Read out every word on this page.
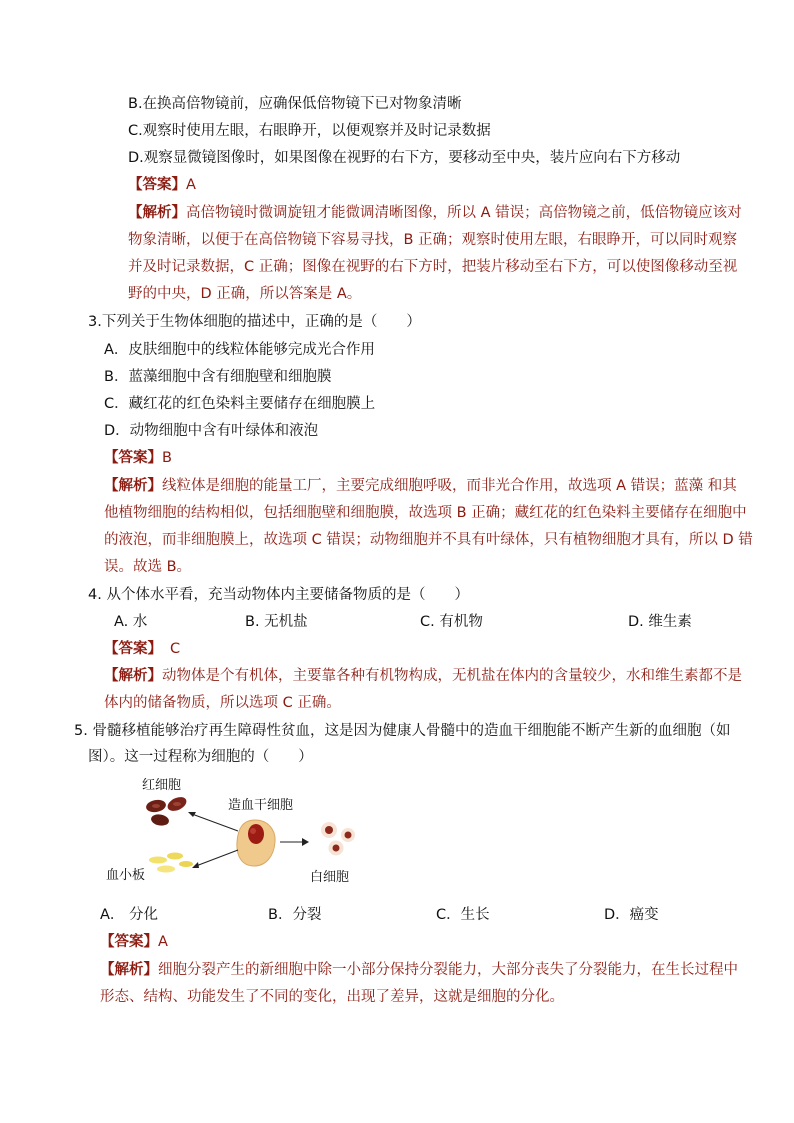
B.在换高倍物镜前，应确保低倍物镜下已对物象清晰
C.观察时使用左眼，右眼睁开，以便观察并及时记录数据
D.观察显微镜图像时，如果图像在视野的右下方，要移动至中央，装片应向右下方移动
【答案】A
【解析】高倍物镜时微调旋钮才能微调清晰图像，所以 A 错误；高倍物镜之前，低倍物镜应该对
物象清晰，以便于在高倍物镜下容易寻找，B 正确；观察时使用左眼，右眼睁开，可以同时观察
并及时记录数据，C 正确；图像在视野的右下方时，把装片移动至右下方，可以使图像移动至视
野的中央，D 正确，所以答案是 A。
3.下列关于生物体细胞的描述中，正确的是（　　）
A．皮肤细胞中的线粒体能够完成光合作用
B．蓝藻细胞中含有细胞壁和细胞膜
C．藏红花的红色染料主要储存在细胞膜上
D．动物细胞中含有叶绿体和液泡
【答案】B
【解析】线粒体是细胞的能量工厂，主要完成细胞呼吸，而非光合作用，故选项 A 错误；蓝藻 和其
他植物细胞的结构相似，包括细胞壁和细胞膜，故选项 B 正确；藏红花的红色染料主要储存在细胞中
的液泡，而非细胞膜上，故选项 C 错误；动物细胞并不具有叶绿体，只有植物细胞才具有，所以 D 错
误。故选 B。
4. 从个体水平看，充当动物体内主要储备物质的是（　　）
A. 水	B. 无机盐	C. 有机物	D. 维生素
【答案】 C
【解析】动物体是个有机体，主要靠各种有机物构成，无机盐在体内的含量较少，水和维生素都不是
体内的储备物质，所以选项 C 正确。
5. 骨髓移植能够治疗再生障碍性贫血，这是因为健康人骨髓中的造血干细胞能不断产生新的血细胞（如
图）。这一过程称为细胞的（　　）
红细胞
造血干细胞
血小板	白细胞
A． 分化	B．分裂	C．生长	D．癌变
【答案】A
【解析】细胞分裂产生的新细胞中除一小部分保持分裂能力，大部分丧失了分裂能力，在生长过程中
形态、结构、功能发生了不同的变化，出现了差异，这就是细胞的分化。
